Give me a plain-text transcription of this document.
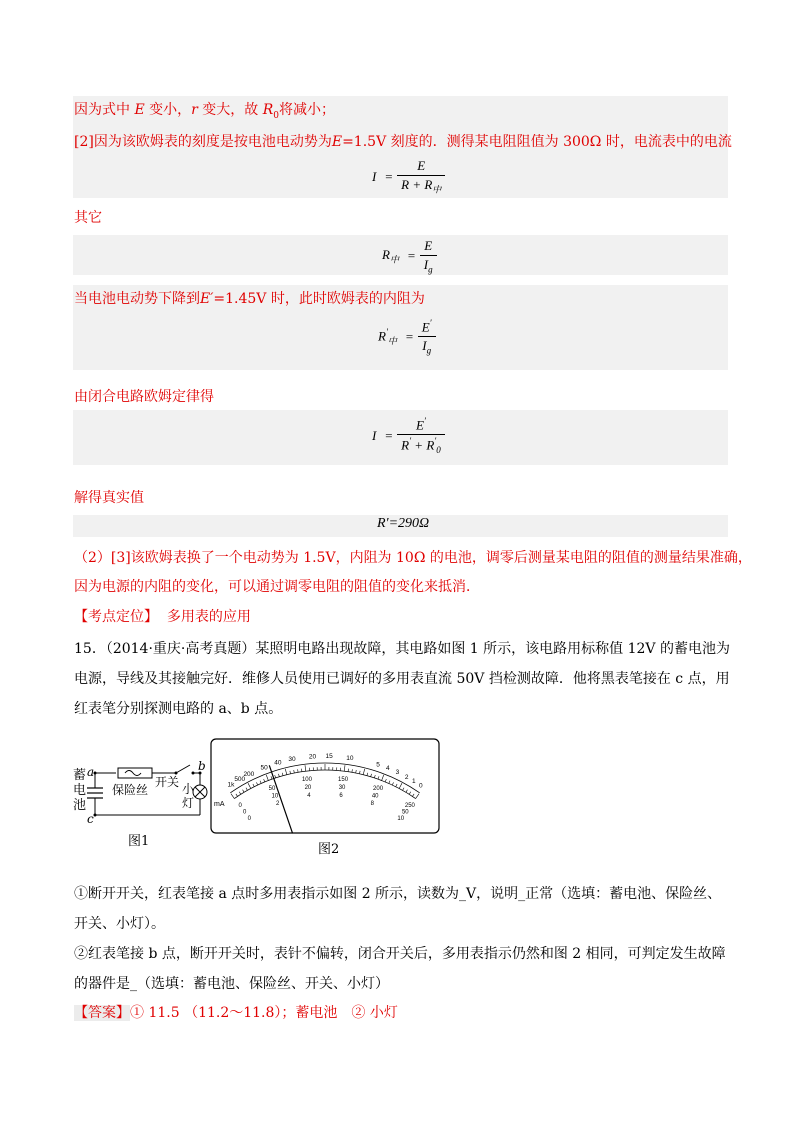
因为式中 E 变小，r 变大，故 $R_0$将减小；
[2]因为该欧姆表的刻度是按电池电动势为E=1.5V 刻度的．测得某电阻阻值为 300Ω 时，电流表中的电流
$I = \frac{E}{R + R_中}$
其它
$R_中 = \frac{E}{I_g}$
当电池电动势下降到E′=1.45V 时，此时欧姆表的内阻为
$R'_中 = \frac{E'}{I_g}$
由闭合电路欧姆定律得
$I = \frac{E'}{R' + R'_0}$
解得真实值
R′=290Ω
（2）[3]该欧姆表换了一个电动势为 1.5V，内阻为 10Ω 的电池，调零后测量某电阻的阻值的测量结果准确，
因为电源的内阻的变化，可以通过调零电阻的阻值的变化来抵消．
【考点定位】 多用表的应用
15．（2014·重庆·高考真题）某照明电路出现故障，其电路如图 1 所示，该电路用标称值 12V 的蓄电池为
电源，导线及其接触完好．维修人员使用已调好的多用表直流 50V 挡检测故障．他将黑表笔接在 c 点，用
红表笔分别探测电路的 a、b 点。
蓄
电
池
a
c
b
保险丝
开关 小
灯
图1
1k
500
200
50
40 30 20 15 10
5
4
3
2
1
0
0
50
100	150
200
250
0
10
20	30
40
50
0
2
4	6
8
10
mA
图2
①断开开关，红表笔接 a 点时多用表指示如图 2 所示，读数为_V，说明_正常（选填：蓄电池、保险丝、
开关、小灯）。
②红表笔接 b 点，断开开关时，表针不偏转，闭合开关后，多用表指示仍然和图 2 相同，可判定发生故障
的器件是_（选填：蓄电池、保险丝、开关、小灯）
【答案】① 11.5 （11.2～11.8）；蓄电池　② 小灯
